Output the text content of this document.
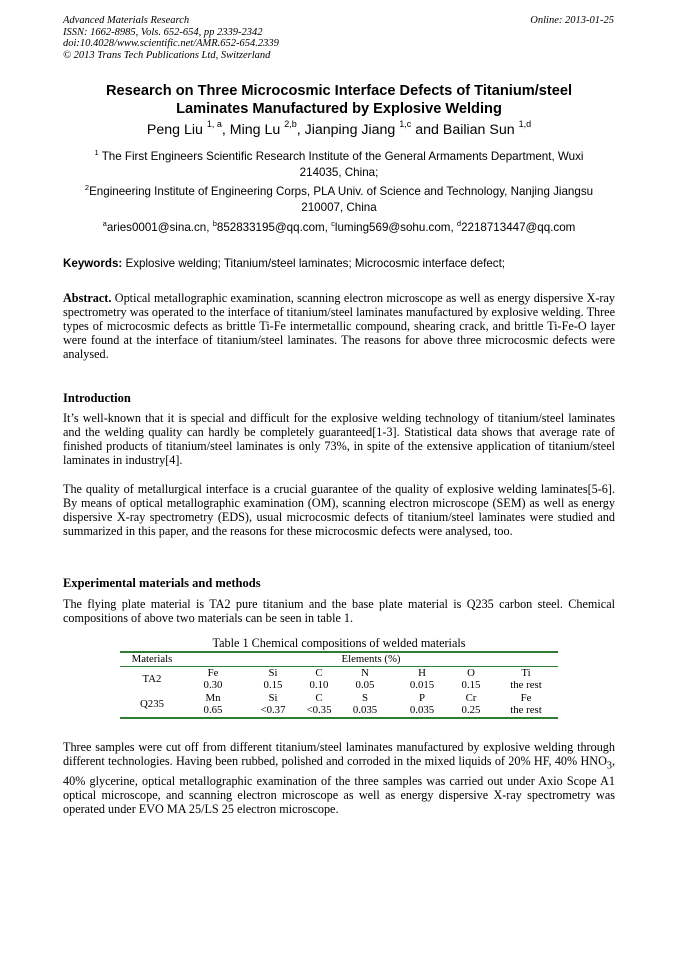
Advanced Materials Research
ISSN: 1662-8985, Vols. 652-654, pp 2339-2342
doi:10.4028/www.scientific.net/AMR.652-654.2339
© 2013 Trans Tech Publications Ltd, Switzerland
Online: 2013-01-25
Research on Three Microcosmic Interface Defects of Titanium/steel
Laminates Manufactured by Explosive Welding
Peng Liu $^{1, a}$, Ming Lu $^{2,b}$, Jianping Jiang $^{1,c}$ and Bailian Sun $^{1,d}$
$^1$ The First Engineers Scientific Research Institute of the General Armaments Department, Wuxi
214035, China;
$^2$Engineering Institute of Engineering Corps, PLA Univ. of Science and Technology, Nanjing Jiangsu
210007, China
$^a$aries0001@sina.cn, $^b$852833195@qq.com, $^c$luming569@sohu.com, $^d$2218713447@qq.com
Keywords: Explosive welding; Titanium/steel laminates; Microcosmic interface defect;
Abstract. Optical metallographic examination, scanning electron microscope as well as energy dispersive X-ray spectrometry was operated to the interface of titanium/steel laminates manufactured by explosive welding. Three types of microcosmic defects as brittle Ti-Fe intermetallic compound, shearing crack, and brittle Ti-Fe-O layer were found at the interface of titanium/steel laminates. The reasons for above three microcosmic defects were analysed.
Introduction
It’s well-known that it is special and difficult for the explosive welding technology of titanium/steel laminates and the welding quality can hardly be completely guaranteed[1-3]. Statistical data shows that average rate of finished products of titanium/steel laminates is only 73%, in spite of the extensive application of titanium/steel laminates in industry[4].
The quality of metallurgical interface is a crucial guarantee of the quality of explosive welding laminates[5-6]. By means of optical metallographic examination (OM), scanning electron microscope (SEM) as well as energy dispersive X-ray spectrometry (EDS), usual microcosmic defects of titanium/steel laminates were studied and summarized in this paper, and the reasons for these microcosmic defects were analysed, too.
Experimental materials and methods
The flying plate material is TA2 pure titanium and the base plate material is Q235 carbon steel. Chemical compositions of above two materials can be seen in table 1.
Table 1 Chemical compositions of welded materials
Materials	Elements (%)						
TA2	Fe	Si	C	N	H	O	Ti
	0.30	0.15	0.10	0.05	0.015	0.15	the rest
Q235	Mn	Si	C	S	P	Cr	Fe
	0.65	<0.37	<0.35	0.035	0.035	0.25	the rest
Three samples were cut off from different titanium/steel laminates manufactured by explosive welding through different technologies. Having been rubbed, polished and corroded in the mixed liquids of 20% HF, 40% $HNO_3$, 40% glycerine, optical metallographic examination of the three samples was carried out under Axio Scope A1 optical microscope, and scanning electron microscope as well as energy dispersive X-ray spectrometry was operated under EVO MA 25/LS 25 electron microscope.
